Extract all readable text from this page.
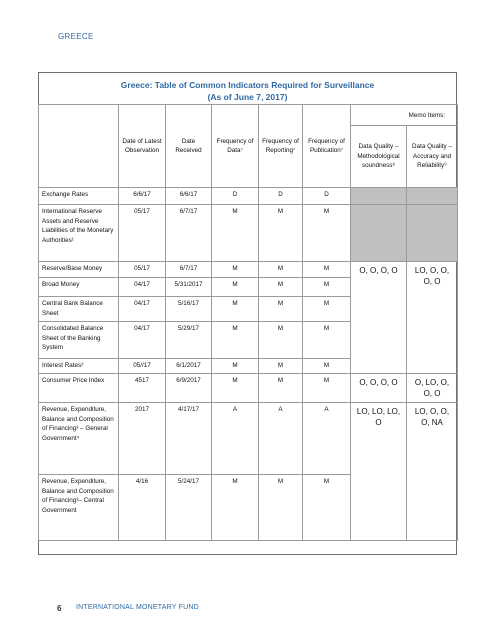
GREECE
Greece: Table of Common Indicators Required for Surveillance
(As of June 7, 2017)
	Date of Latest Observation	Date Received	Frequency of Data⁷	Frequency of Reporting⁷	Frequency of Publication⁷	Memo Items:	
						Data Quality – Methodological soundness⁸	Data Quality –Accuracy and Reliability⁹
Exchange Rates	6/6/17	6/6/17	D	D	D		
International Reserve Assets and Reserve Liabilities of the Monetary Authorities¹	05/17	6/7/17	M	M	M		
Reserve/Base Money	05/17	6/7/17	M	M	M	O, O, O, O	LO, O, O, O, O
Broad Money	04/17	5/31/2017	M	M	M		
Central Bank Balance Sheet	04/17	5/16/17	M	M	M		
Consolidated Balance Sheet of the Banking System	04/17	5/29/17	M	M	M		
Interest Rates²	05//17	6/1/2017	M	M	M		
Consumer Price Index	4517	6/9/2017	M	M	M	O, O, O, O	O, LO, O, O, O
Revenue, Expenditure, Balance and Composition of Financing³ – General Government⁴	2017	4/17/17	A	A	A	LO, LO, LO, O	LO, O, O, O, NA
Revenue, Expenditure, Balance and Composition of Financing³– Central Government	4/16	5/24/17	M	M	M		
6 INTERNATIONAL MONETARY FUND
